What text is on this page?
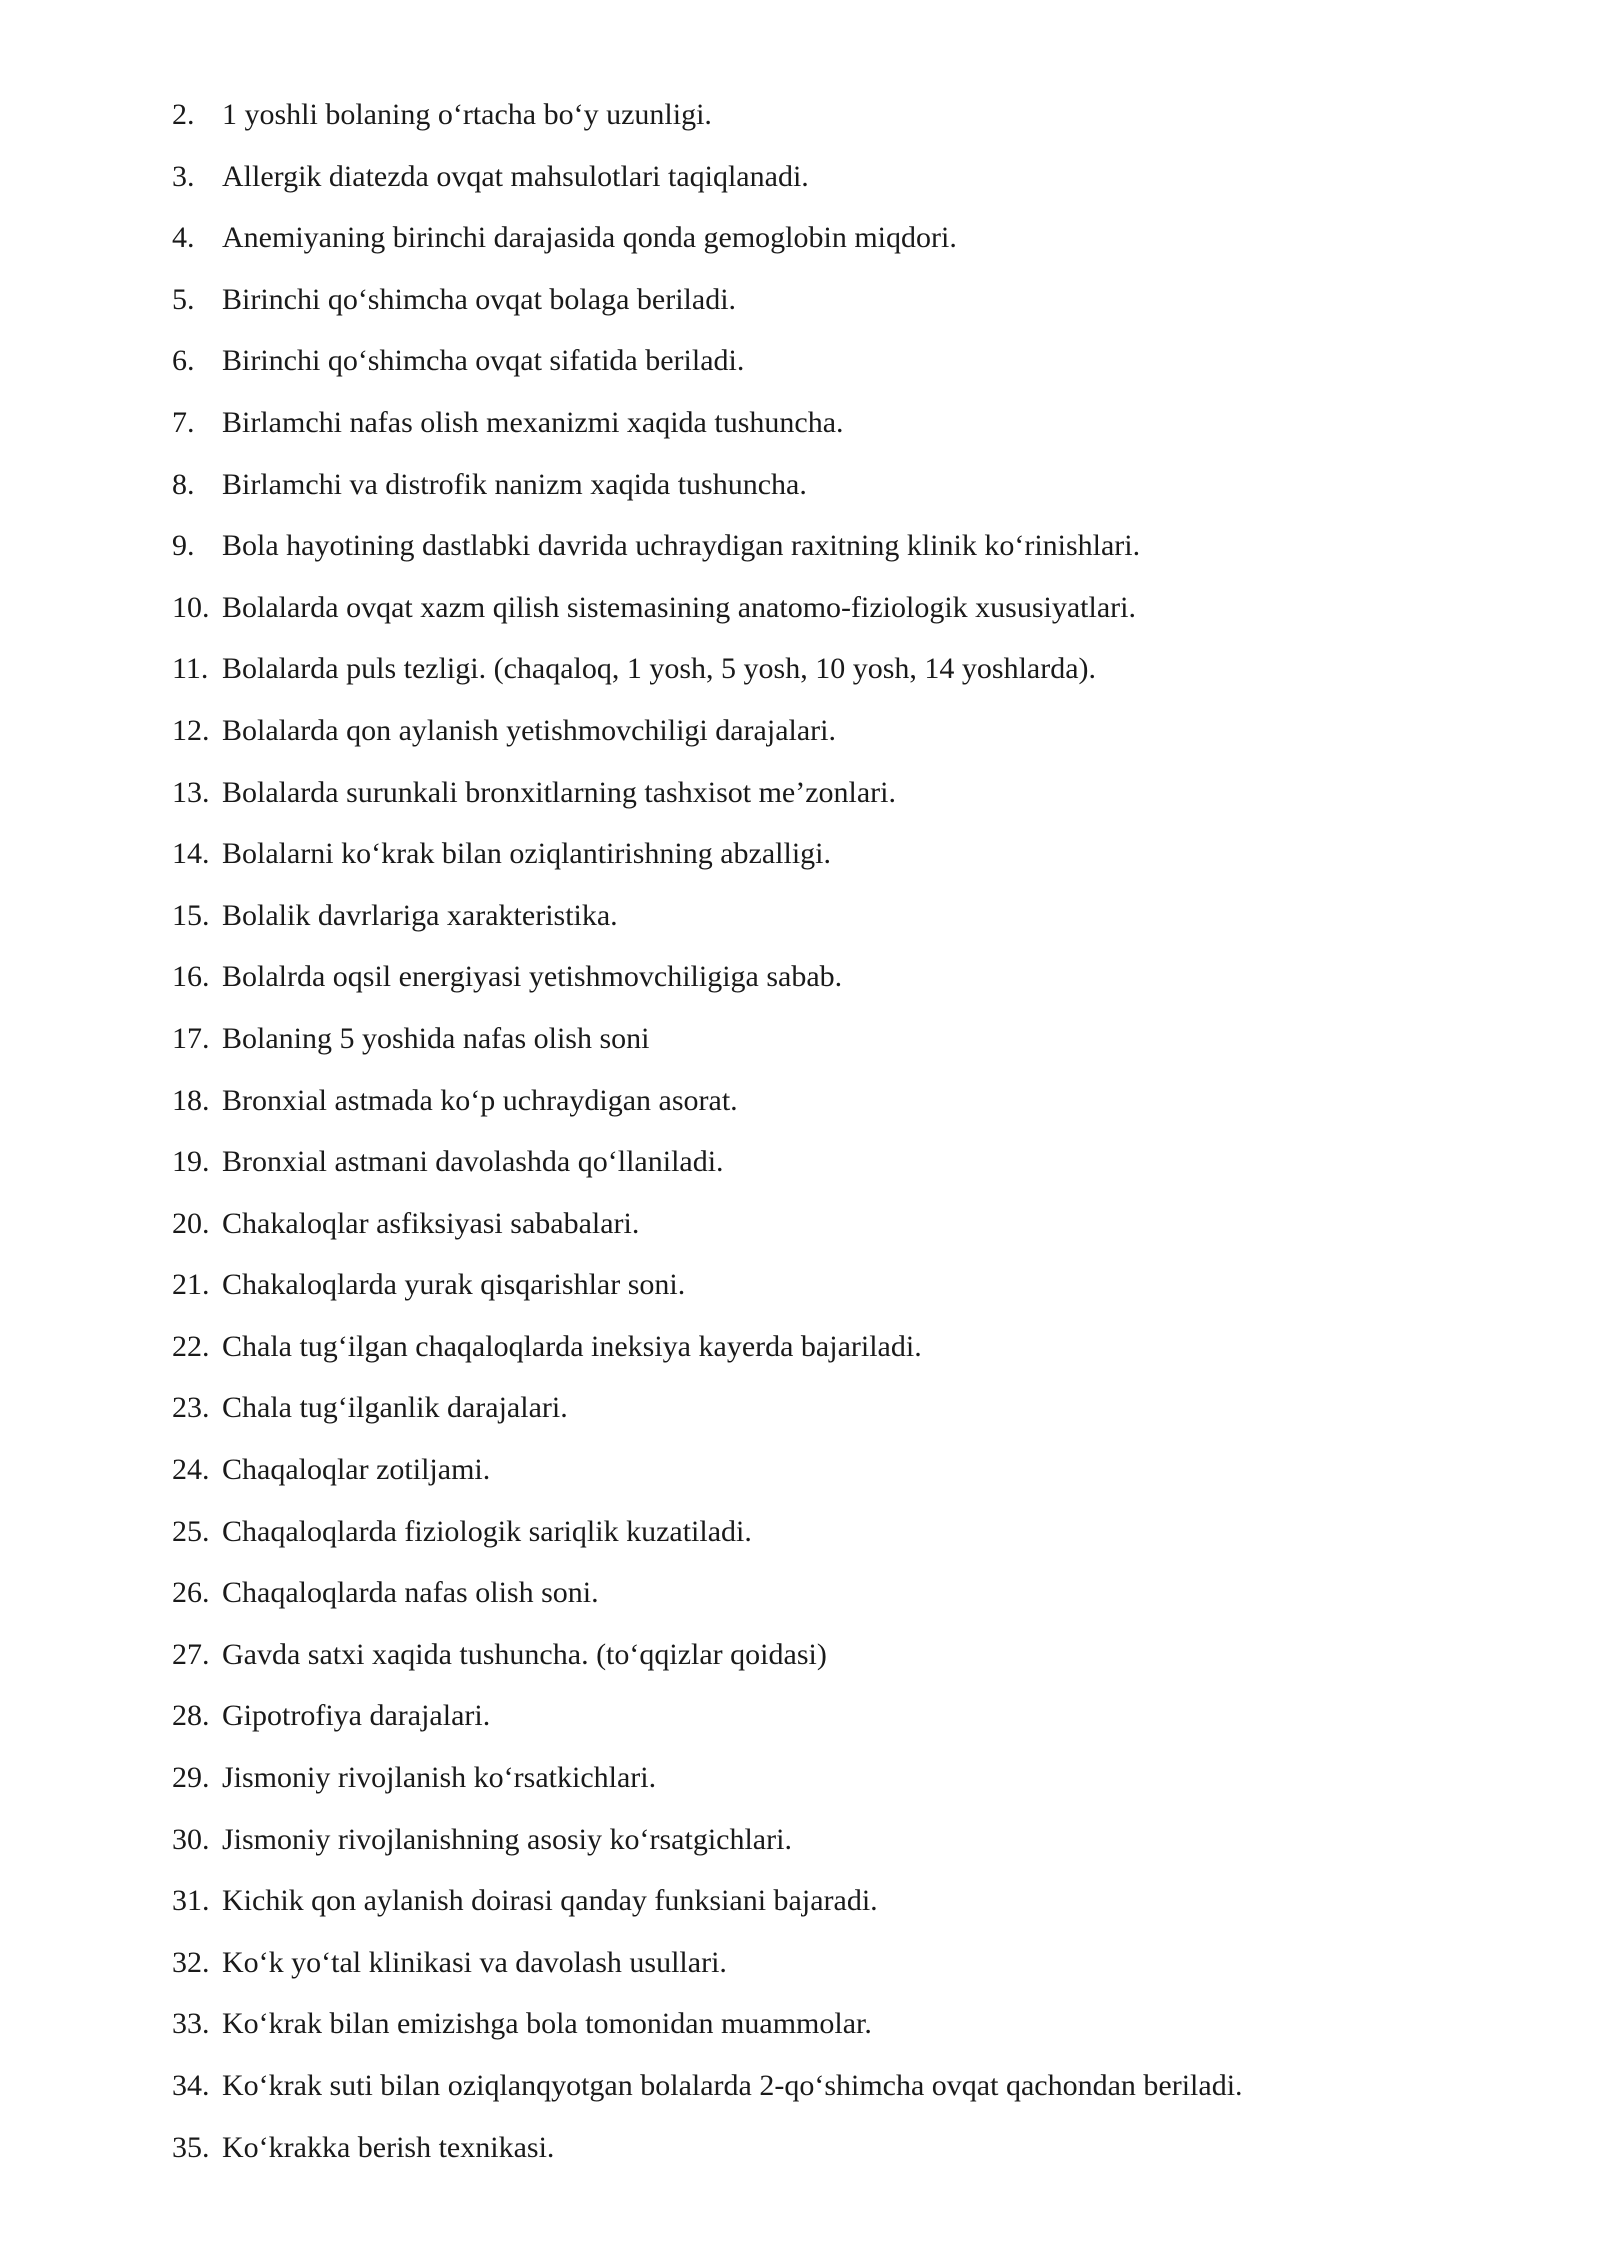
2. 1 yoshli bolaning o‘rtacha bo‘y uzunligi.
3. Allergik diatezda ovqat mahsulotlari taqiqlanadi.
4. Anemiyaning birinchi darajasida qonda gemoglobin miqdori.
5. Birinchi qo‘shimcha ovqat bolaga beriladi.
6. Birinchi qo‘shimcha ovqat sifatida beriladi.
7. Birlamchi nafas olish mexanizmi xaqida tushuncha.
8. Birlamchi va distrofik nanizm xaqida tushuncha.
9. Bola hayotining dastlabki davrida uchraydigan raxitning klinik ko‘rinishlari.
10. Bolalarda ovqat xazm qilish sistemasining anatomo-fiziologik xususiyatlari.
11. Bolalarda puls tezligi. (chaqaloq, 1 yosh, 5 yosh, 10 yosh, 14 yoshlarda).
12. Bolalarda qon aylanish yetishmovchiligi darajalari.
13. Bolalarda surunkali bronxitlarning tashxisot me’zonlari.
14. Bolalarni ko‘krak bilan oziqlantirishning abzalligi.
15. Bolalik davrlariga xarakteristika.
16. Bolalrda oqsil energiyasi yetishmovchiligiga sabab.
17. Bolaning 5 yoshida nafas olish soni
18. Bronxial astmada ko‘p uchraydigan asorat.
19. Bronxial astmani davolashda qo‘llaniladi.
20. Chakaloqlar asfiksiyasi sababalari.
21. Chakaloqlarda yurak qisqarishlar soni.
22. Chala tug‘ilgan chaqaloqlarda ineksiya kayerda bajariladi.
23. Chala tug‘ilganlik darajalari.
24. Chaqaloqlar zotiljami.
25. Chaqaloqlarda fiziologik sariqlik kuzatiladi.
26. Chaqaloqlarda nafas olish soni.
27. Gavda satxi xaqida tushuncha. (to‘qqizlar qoidasi)
28. Gipotrofiya darajalari.
29. Jismoniy rivojlanish ko‘rsatkichlari.
30. Jismoniy rivojlanishning asosiy ko‘rsatgichlari.
31. Kichik qon aylanish doirasi qanday funksiani bajaradi.
32. Ko‘k yo‘tal klinikasi va davolash usullari.
33. Ko‘krak bilan emizishga bola tomonidan muammolar.
34. Ko‘krak suti bilan oziqlanqyotgan bolalarda 2-qo‘shimcha ovqat qachondan beriladi.
35. Ko‘krakka berish texnikasi.
